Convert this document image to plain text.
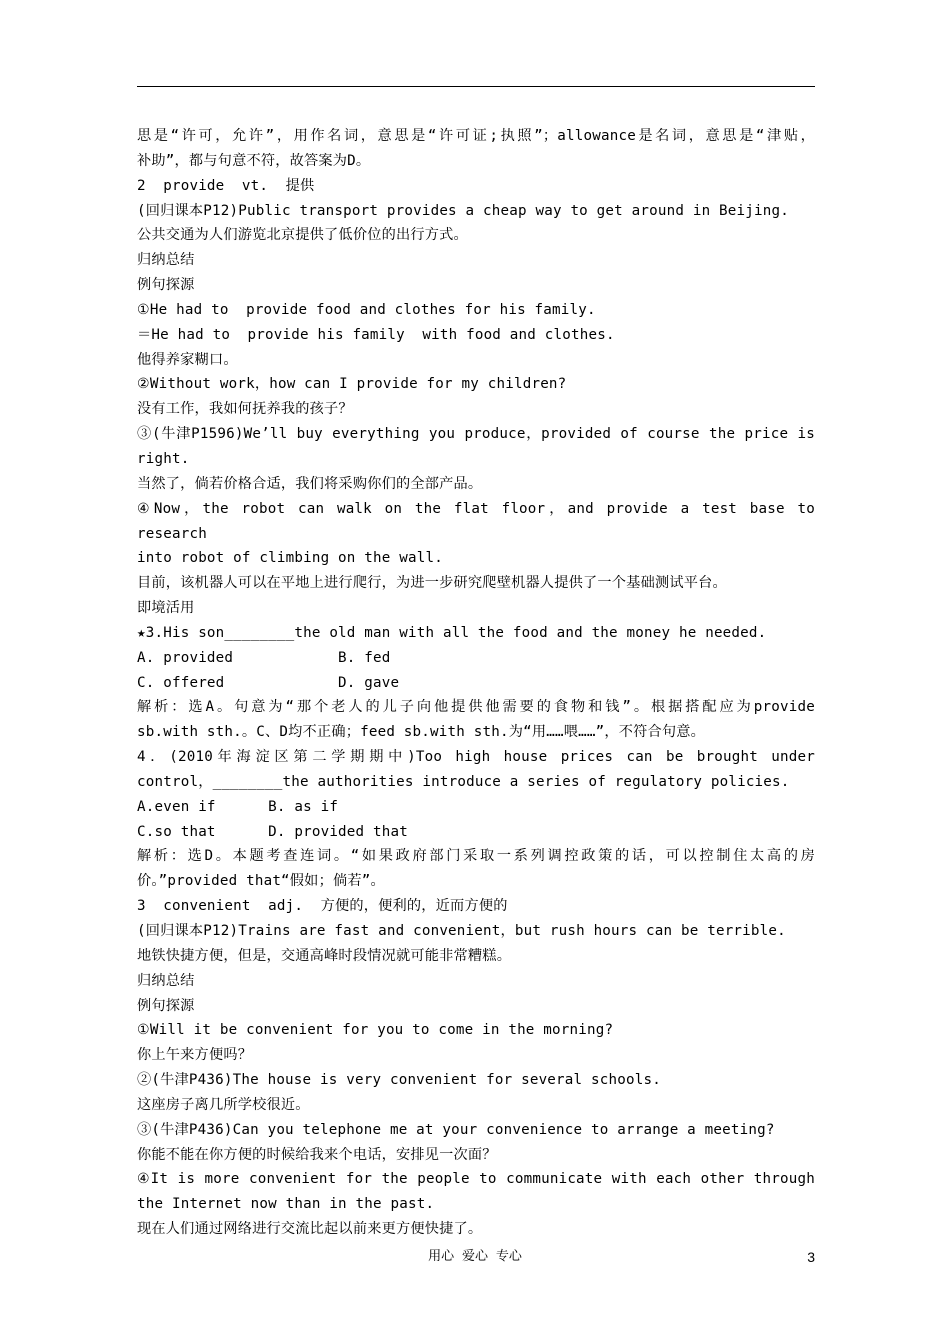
思是“许可，允许”，用作名词，意思是“许可证;执照”；allowance是名词，意思是“津贴，
补助”，都与句意不符，故答案为D。
2  provide  vt.  提供
(回归课本P12)Public transport provides a cheap way to get around in Beijing.
公共交通为人们游览北京提供了低价位的出行方式。
归纳总结
例句探源
①He had to  provide food and clothes for his family.
＝He had to  provide his family  with food and clothes.
他得养家糊口。
②Without work，how can I provide for my children?
没有工作，我如何抚养我的孩子？
③(牛津P1596)We’ll buy everything you produce，provided of course the price is
right.
当然了，倘若价格合适，我们将采购你们的全部产品。
④Now，the robot can walk on the flat floor，and provide a test base to research
into robot of climbing on the wall.
目前，该机器人可以在平地上进行爬行，为进一步研究爬壁机器人提供了一个基础测试平台。
即境活用
★3.His son________the old man with all the food and the money he needed.
A. provided            B. fed
C. offered             D. gave
解析：选A。句意为“那个老人的儿子向他提供他需要的食物和钱”。根据搭配应为provide
sb.with sth.。C、D均不正确；feed sb.with sth.为“用……喂……”，不符合句意。
4．(2010年海淀区第二学期期中)Too high house prices can be brought under
control，________the authorities introduce a series of regulatory policies.
A.even if      B. as if
C.so that      D. provided that
解析：选D。本题考查连词。“如果政府部门采取一系列调控政策的话，可以控制住太高的房
价。”provided that“假如；倘若”。
3  convenient  adj.  方便的，便利的，近而方便的
(回归课本P12)Trains are fast and convenient，but rush hours can be terrible.
地铁快捷方便，但是，交通高峰时段情况就可能非常糟糕。
归纳总结
例句探源
①Will it be convenient for you to come in the morning?
你上午来方便吗？
②(牛津P436)The house is very convenient for several schools.
这座房子离几所学校很近。
③(牛津P436)Can you telephone me at your convenience to arrange a meeting?
你能不能在你方便的时候给我来个电话，安排见一次面？
④It is more convenient for the people to communicate with each other through
the Internet now than in the past.
现在人们通过网络进行交流比起以前来更方便快捷了。
用心 爱心 专心	3
